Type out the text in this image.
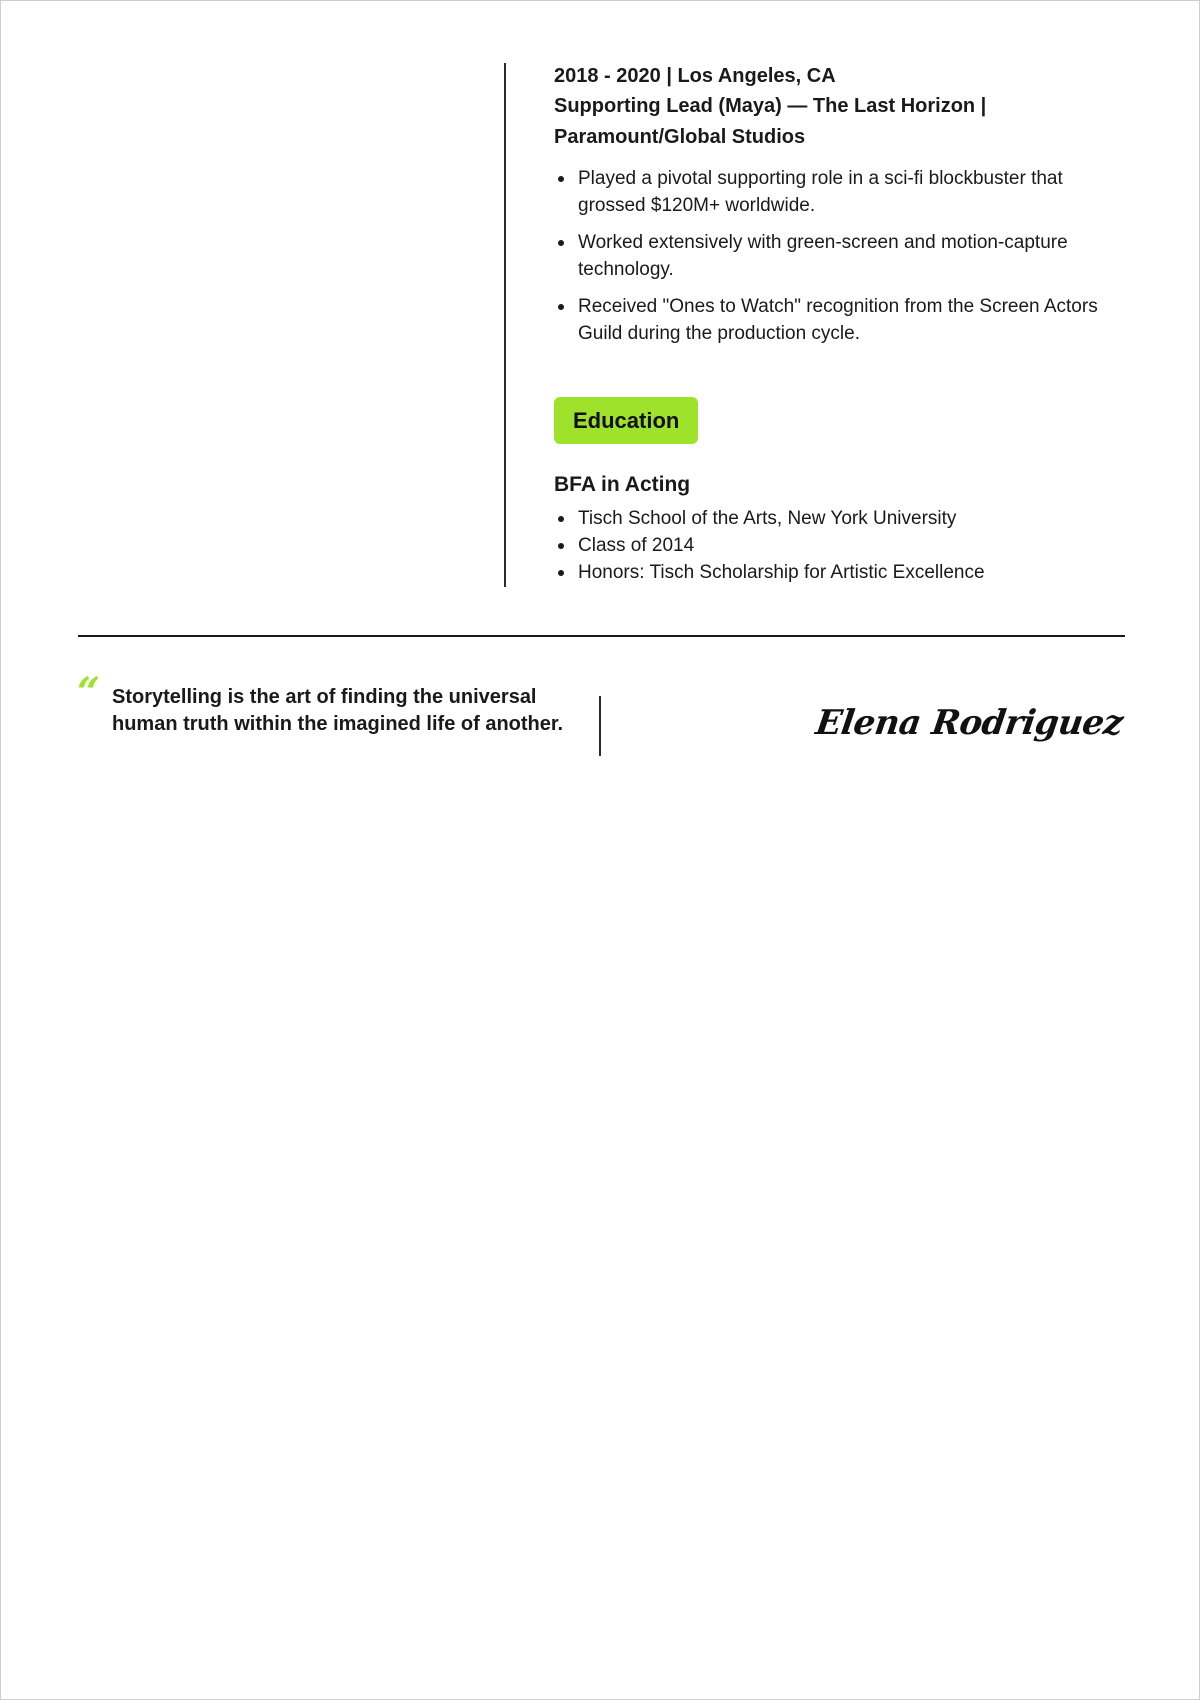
2018 - 2020 | Los Angeles, CA

Supporting Lead (Maya) — The Last Horizon | Paramount/Global Studios

Played a pivotal supporting role in a sci-fi blockbuster that grossed $120M+ worldwide.
Worked extensively with green-screen and motion-capture technology.
Received "Ones to Watch" recognition from the Screen Actors Guild during the production cycle.
Education

BFA in Acting

Tisch School of the Arts, New York University
Class of 2014
Honors: Tisch Scholarship for Artistic Excellence
“ Storytelling is the art of finding the universal human truth within the imagined life of another.	Elena Rodriguez
